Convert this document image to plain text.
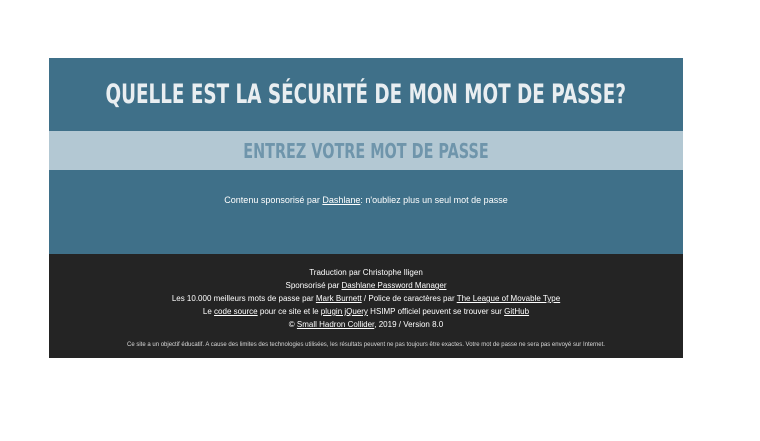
QUELLE EST LA SÉCURITÉ DE MON MOT DE PASSE?
Contenu sponsorisé par Dashlane: n'oubliez plus un seul mot de passe
Traduction par Christophe Iligen
Sponsorisé par Dashlane Password Manager
Les 10.000 meilleurs mots de passe par Mark Burnett / Police de caractères par The League of Movable Type
Le code source pour ce site et le plugin jQuery HSIMP officiel peuvent se trouver sur GitHub
© Small Hadron Collider, 2019 / Version 8.0
Ce site a un objectif éducatif. A cause des limites des technologies utilisées, les résultats peuvent ne pas toujours être exactes. Votre mot de passe ne sera pas envoyé sur Internet.
